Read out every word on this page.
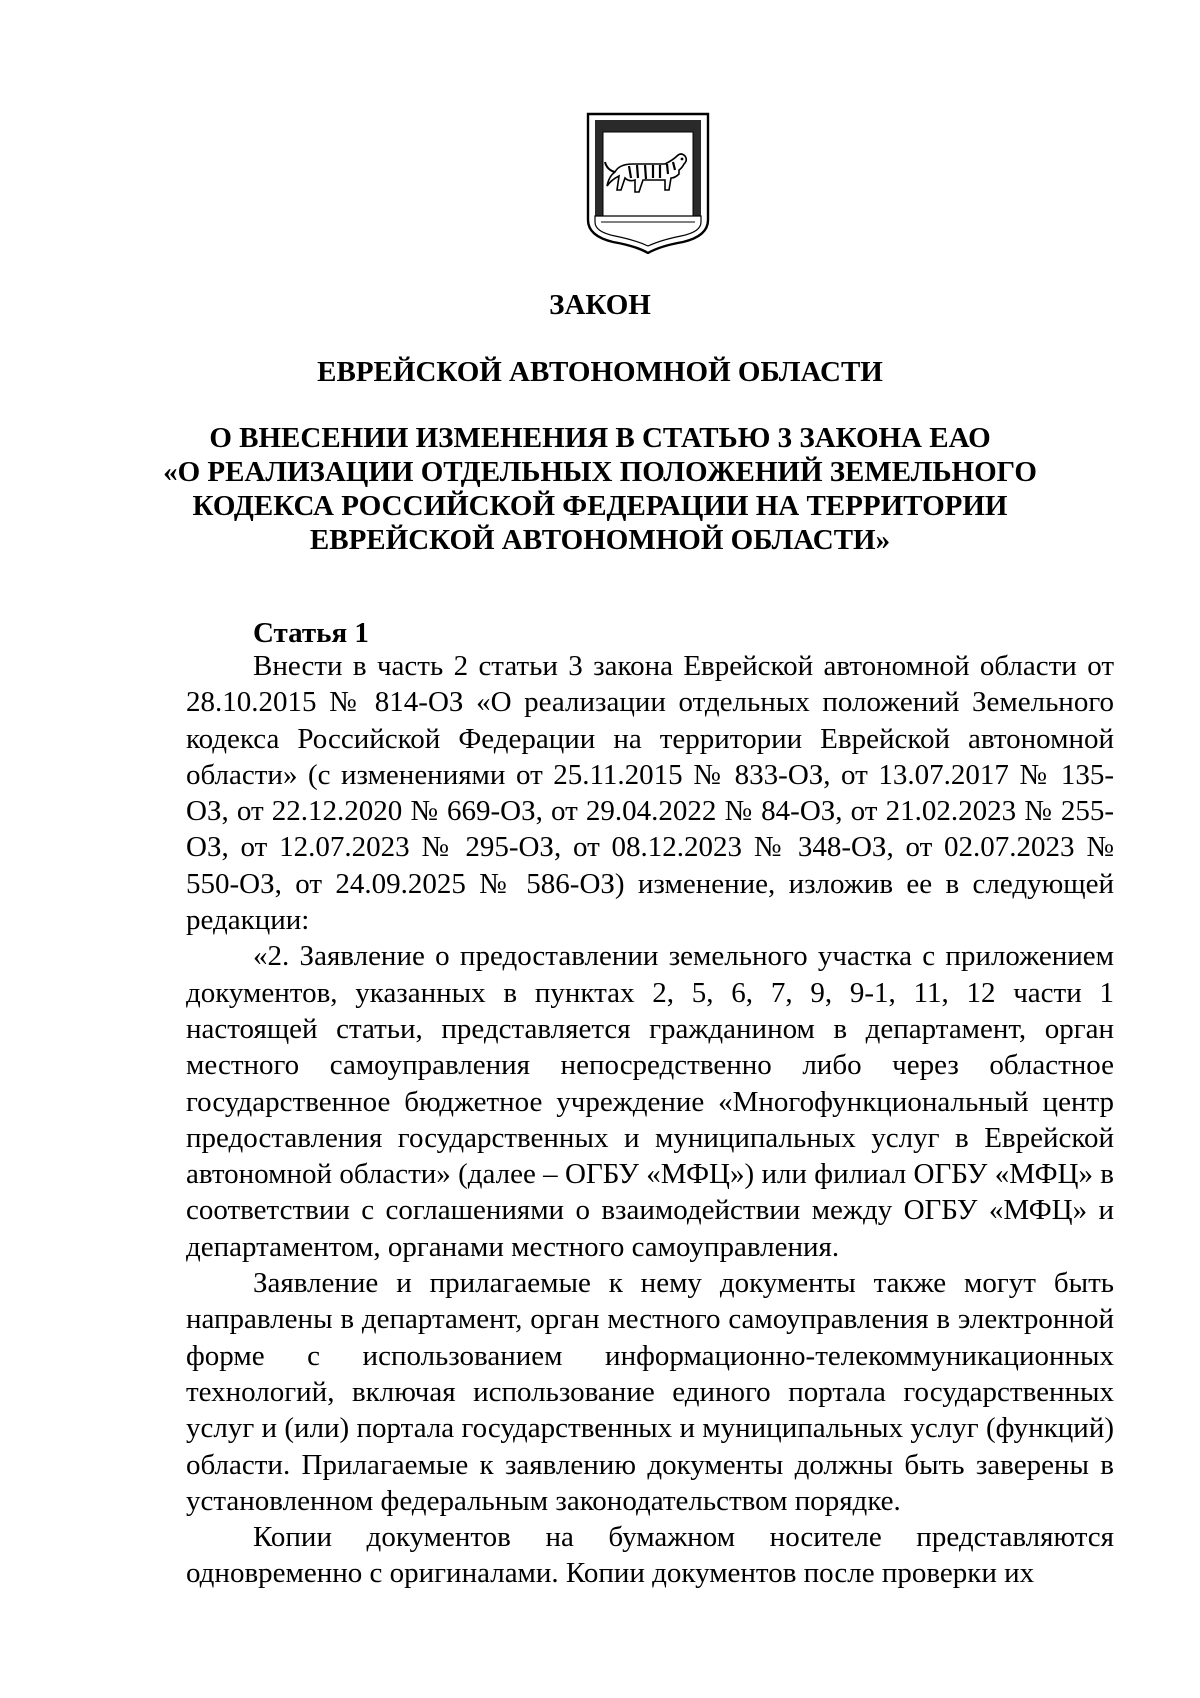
ЗАКОН
ЕВРЕЙСКОЙ АВТОНОМНОЙ ОБЛАСТИ
О ВНЕСЕНИИ ИЗМЕНЕНИЯ В СТАТЬЮ 3 ЗАКОНА ЕАО
«О РЕАЛИЗАЦИИ ОТДЕЛЬНЫХ ПОЛОЖЕНИЙ ЗЕМЕЛЬНОГО
КОДЕКСА РОССИЙСКОЙ ФЕДЕРАЦИИ НА ТЕРРИТОРИИ
ЕВРЕЙСКОЙ АВТОНОМНОЙ ОБЛАСТИ»
Статья 1

Внести в часть 2 статьи 3 закона Еврейской автономной области от 28.10.2015 № 814-ОЗ «О реализации отдельных положений Земельного кодекса Российской Федерации на территории Еврейской автономной области» (с изменениями от 25.11.2015 № 833-ОЗ, от 13.07.2017 № 135-ОЗ, от 22.12.2020 № 669-ОЗ, от 29.04.2022 № 84-ОЗ, от 21.02.2023 № 255-ОЗ, от 12.07.2023 № 295-ОЗ, от 08.12.2023 № 348-ОЗ, от 02.07.2023 № 550-ОЗ, от 24.09.2025 № 586-ОЗ) изменение, изложив ее в следующей редакции:

«2. Заявление о предоставлении земельного участка с приложением документов, указанных в пунктах 2, 5, 6, 7, 9, 9-1, 11, 12 части 1 настоящей статьи, представляется гражданином в департамент, орган местного самоуправления непосредственно либо через областное государственное бюджетное учреждение «Многофункциональный центр предоставления государственных и муниципальных услуг в Еврейской автономной области» (далее – ОГБУ «МФЦ») или филиал ОГБУ «МФЦ» в соответствии с соглашениями о взаимодействии между ОГБУ «МФЦ» и департаментом, органами местного самоуправления.

Заявление и прилагаемые к нему документы также могут быть направлены в департамент, орган местного самоуправления в электронной форме с использованием информационно-телекоммуникационных технологий, включая использование единого портала государственных услуг и (или) портала государственных и муниципальных услуг (функций) области. Прилагаемые к заявлению документы должны быть заверены в установленном федеральным законодательством порядке.

Копии документов на бумажном носителе представляются одновременно с оригиналами. Копии документов после проверки их
